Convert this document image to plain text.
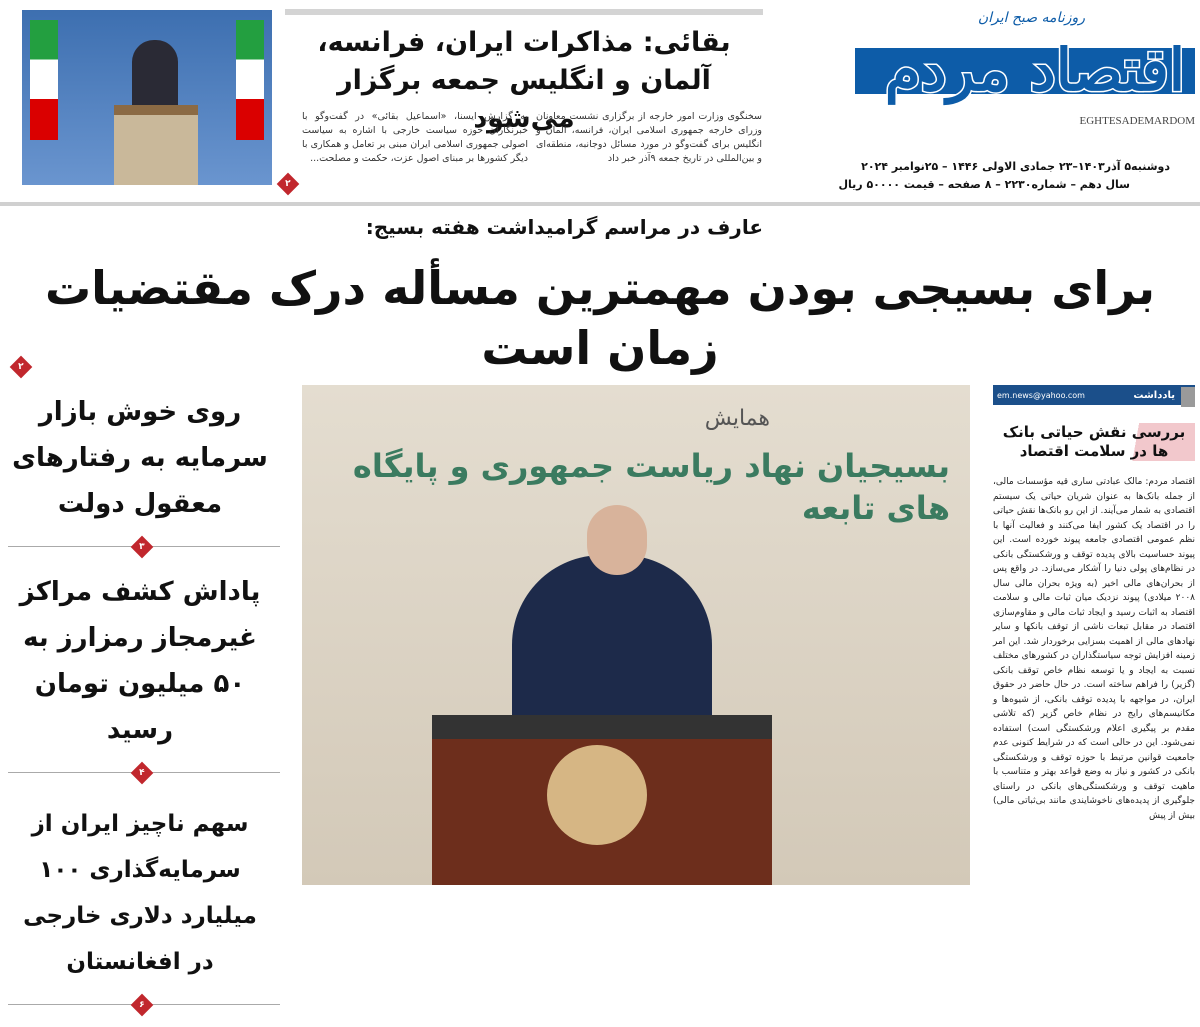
روزنامه صبح ایران
اقتصاد مردم
EGHTESADEMARDOM
دوشنبه۵ آذر۱۴۰۳–۲۳ جمادی الاولی ۱۴۴۶ – ۲۵نوامبر ۲۰۲۴
سال دهم – شماره۲۲۳۰ – ۸ صفحه – قیمت ۵۰۰۰۰ ریال
بقائی: مذاکرات ایران، فرانسه، آلمان و انگلیس جمعه برگزار می‌شود
سخنگوی وزارت امور خارجه از برگزاری نشست معاونان وزرای خارجه جمهوری اسلامی ایران، فرانسه، آلمان و انگلیس برای گفت‌وگو در مورد مسائل دوجانبه، منطقه‌ای و بین‌المللی در تاریخ جمعه ۹آذر خبر داد
به گزارش ایسنا، «اسماعیل بقائی» در گفت‌وگو با خبرنگاران حوزه سیاست خارجی با اشاره به سیاست اصولی جمهوری اسلامی ایران مبنی بر تعامل و همکاری با دیگر کشورها بر مبنای اصول عزت، حکمت و مصلحت...
۲
عارف در مراسم گرامیداشت هفته بسیج:
برای بسیجی بودن مهمترین مسأله درک مقتضیات زمان است
۲
روی خوش بازار سرمایه به رفتارهای معقول دولت
۳
پاداش کشف مراکز غیرمجاز رمزارز به ۵۰ میلیون تومان رسید
۴
سهم ناچیز ایران از سرمایه‌گذاری ۱۰۰ میلیارد دلاری خارجی در افغانستان
۶
همایش
بسیجیان نهاد ریاست جمهوری و پایگاه های تابعه
em.news@yahoo.com	یادداشت
بررسی نقش حیاتی بانک ها در سلامت اقتصاد
اقتصاد مردم: مالک عبادتی ساری قیه مؤسسات مالی، از جمله بانک‌ها به عنوان شریان حیاتی یک سیستم اقتصادی به شمار می‌آیند. از این رو بانک‌ها نقش حیاتی را در اقتصاد یک کشور ایفا می‌کنند و فعالیت آنها با نظم عمومی اقتصادی جامعه پیوند خورده است. این پیوند حساسیت بالای پدیده توقف و ورشکستگی بانکی در نظام‌های پولی دنیا را آشکار می‌سازد. در واقع پس از بحران‌های مالی اخیر (به ویژه بحران مالی سال ۲۰۰۸ میلادی) پیوند نزدیک میان ثبات مالی و سلامت اقتصاد به اثبات رسید و ایجاد ثبات مالی و مقاوم‌سازی اقتصاد در مقابل تبعات ناشی از توقف بانکها و سایر نهادهای مالی از اهمیت بسزایی برخوردار شد. این امر زمینه افزایش توجه سیاستگذاران در کشورهای مختلف نسبت به ایجاد و یا توسعه نظام خاص توقف بانکی (گزیر) را فراهم ساخته است. در حال حاضر در حقوق ایران، در مواجهه با پدیده توقف بانکی، از شیوه‌ها و مکانیسم‌های رایج در نظام خاص گزیر (که تلاشی مقدم بر پیگیری اعلام ورشکستگی است) استفاده نمی‌شود. این در حالی است که در شرایط کنونی عدم جامعیت قوانین مرتبط با حوزه توقف و ورشکستگی بانکی در کشور و نیاز به وضع قواعد بهتر و متناسب با ماهیت توقف و ورشکستگی‌های بانکی در راستای جلوگیری از پدیده‌های ناخوشایندی مانند بی‌ثباتی مالی) بیش از پیش
